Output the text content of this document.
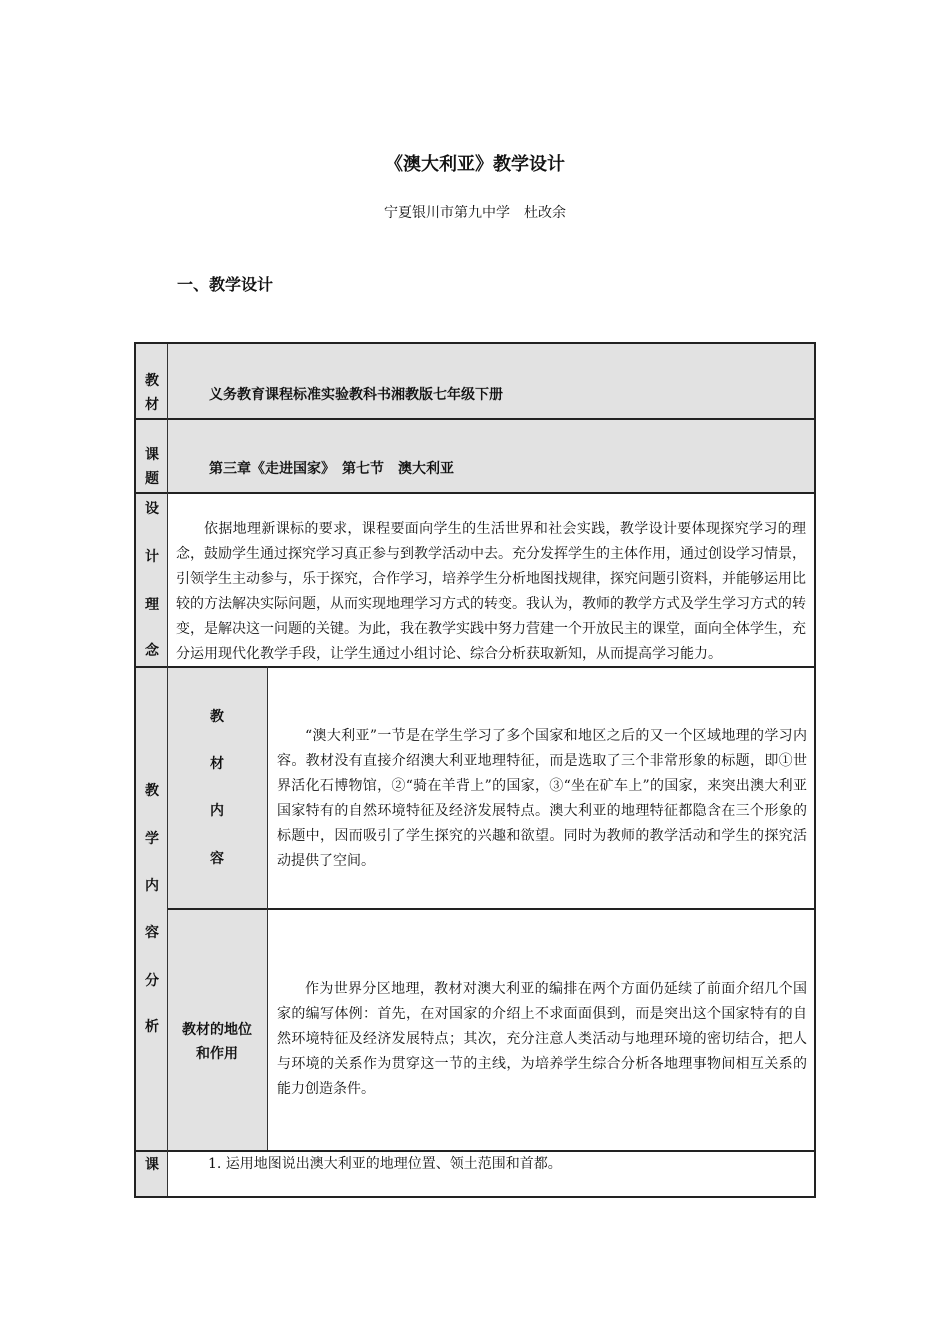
《澳大利亚》教学设计
宁夏银川市第九中学　杜改余
一、教学设计
教
材
义务教育课程标准实验教科书湘教版七年级下册
课
题
第三章《走进国家》　第七节　澳大利亚
设
计
理
念

依据地理新课标的要求，课程要面向学生的生活世界和社会实践，教学设计要体现探究学习的理念，鼓励学生通过探究学习真正参与到教学活动中去。充分发挥学生的主体作用，通过创设学习情景，引领学生主动参与，乐于探究，合作学习，培养学生分析地图找规律，探究问题引资料，并能够运用比较的方法解决实际问题，从而实现地理学习方式的转变。我认为，教师的教学方式及学生学习方式的转变，是解决这一问题的关键。为此，我在教学实践中努力营建一个开放民主的课堂，面向全体学生，充分运用现代化教学手段，让学生通过小组讨论、综合分析获取新知，从而提高学习能力。

教
学
内
容
分
析
教
材
内
容

“澳大利亚”一节是在学生学习了多个国家和地区之后的又一个区域地理的学习内容。教材没有直接介绍澳大利亚地理特征，而是选取了三个非常形象的标题，即①世界活化石博物馆，②“骑在羊背上”的国家，③“坐在矿车上”的国家，来突出澳大利亚国家特有的自然环境特征及经济发展特点。澳大利亚的地理特征都隐含在三个形象的标题中，因而吸引了学生探究的兴趣和欲望。同时为教师的教学活动和学生的探究活动提供了空间。

教材的地位
和作用

作为世界分区地理，教材对澳大利亚的编排在两个方面仍延续了前面介绍几个国家的编写体例：首先，在对国家的介绍上不求面面俱到，而是突出这个国家特有的自然环境特征及经济发展特点；其次，充分注意人类活动与地理环境的密切结合，把人与环境的关系作为贯穿这一节的主线，为培养学生综合分析各地理事物间相互关系的能力创造条件。

课	1. 运用地图说出澳大利亚的地理位置、领土范围和首都。
